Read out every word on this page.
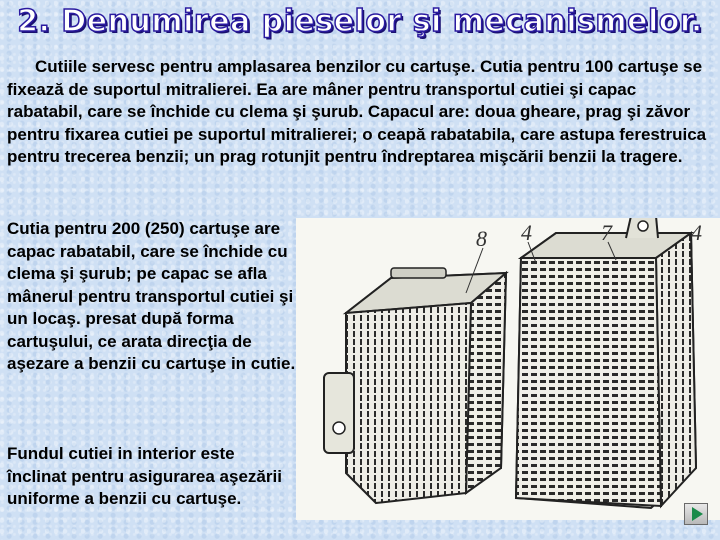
2. Denumirea pieselor şi mecanismelor.
Cutiile servesc pentru amplasarea benzilor cu cartuşe. Cutia pentru 100 cartuşe se fixează de suportul mitralierei. Ea are mâner pentru transportul cutiei şi capac rabatabil, care se închide cu clema şi şurub. Capacul are: doua gheare, prag şi zăvor pentru fixarea cutiei pe suportul mitralierei; o ceapă rabatabila, care astupa ferestruica pentru trecerea benzii; un prag rotunjit pentru îndreptarea mişcării benzii la tragere.
Cutia pentru 200 (250) cartuşe are capac rabatabil, care se închide cu clema şi şurub; pe capac se afla mânerul pentru transportul cutiei şi un locaş. presat după forma cartuşului, ce arata direcţia de aşezare a benzii cu cartuşe in cutie.
Fundul cutiei in interior este înclinat pentru asigurarea aşezării uniforme a benzii cu cartuşe.
8 4	7	4
